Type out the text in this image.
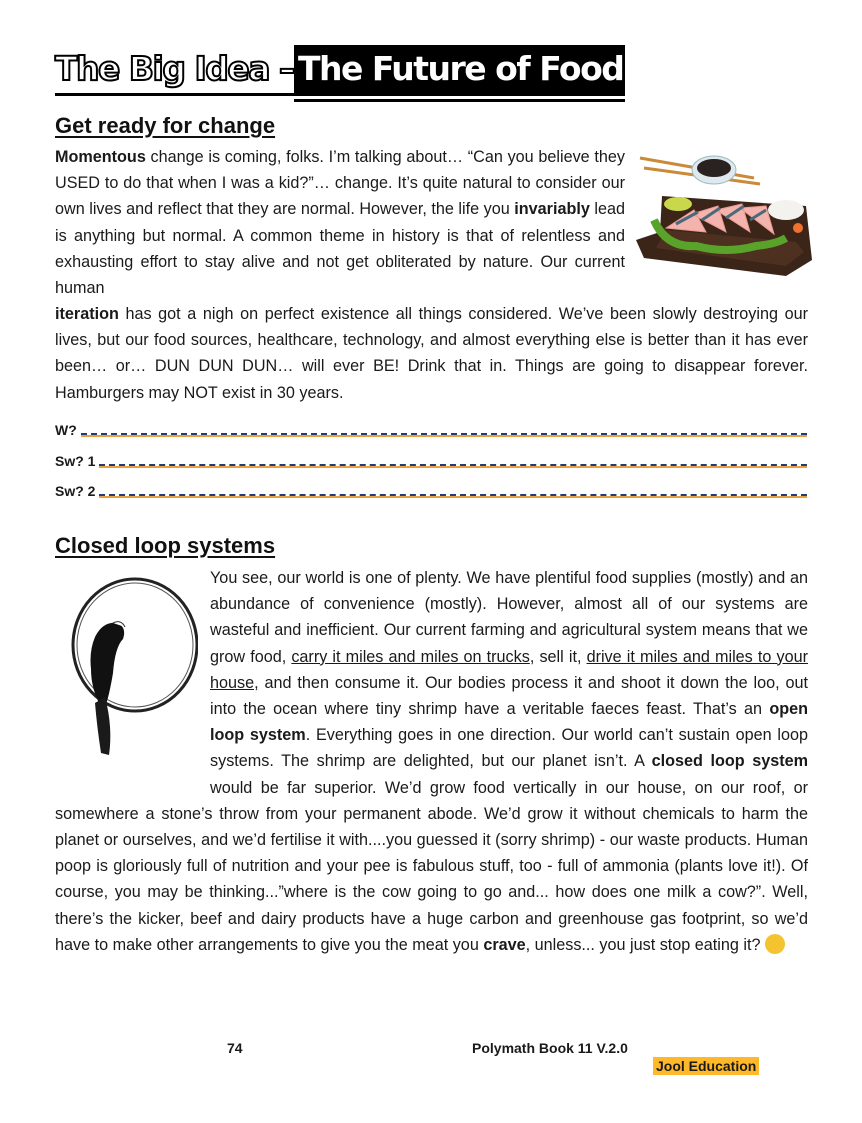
The Big Idea – The Future of Food
Get ready for change

Momentous change is coming, folks. I’m talking about… “Can you believe they USED to do that when I was a kid?”… change. It’s quite natural to consider our own lives and reflect that they are normal. However, the life you invariably lead is anything but normal. A common theme in history is that of relentless and exhausting effort to stay alive and not get obliterated by nature. Our current human

iteration has got a nigh on perfect existence all things considered. We’ve been slowly destroying our lives, but our food sources, healthcare, technology, and almost everything else is better than it has ever been… or… DUN DUN DUN… will ever BE! Drink that in. Things are going to disappear forever. Hamburgers may NOT exist in 30 years.

W?
Sw? 1
Sw? 2
Closed loop systems
You see, our world is one of plenty. We have plentiful food supplies (mostly) and an abundance of convenience (mostly). However, almost all of our systems are wasteful and inefficient. Our current farming and agricultural system means that we grow food, carry it miles and miles on trucks, sell it, drive it miles and miles to your house, and then consume it. Our bodies process it and shoot it down the loo, out into the ocean where tiny shrimp have a veritable faeces feast. That’s an open loop system. Everything goes in one direction. Our world can’t sustain open loop systems. The shrimp are delighted, but our planet isn’t. A closed loop system would be far superior. We’d grow food vertically in our house, on our roof, or somewhere a stone’s throw from your permanent abode. We’d grow it without chemicals to harm the planet or ourselves, and we’d fertilise it with....you guessed it (sorry shrimp) - our waste products. Human poop is gloriously full of nutrition and your pee is fabulous stuff, too - full of ammonia (plants love it!). Of course, you may be thinking...”where is the cow going to go and... how does one milk a cow?”. Well, there’s the kicker, beef and dairy products have a huge carbon and greenhouse gas footprint, so we’d have to make other arrangements to give you the meat you crave, unless... you just stop eating it?
74	Polymath Book 11 V.2.0
Jool Education
